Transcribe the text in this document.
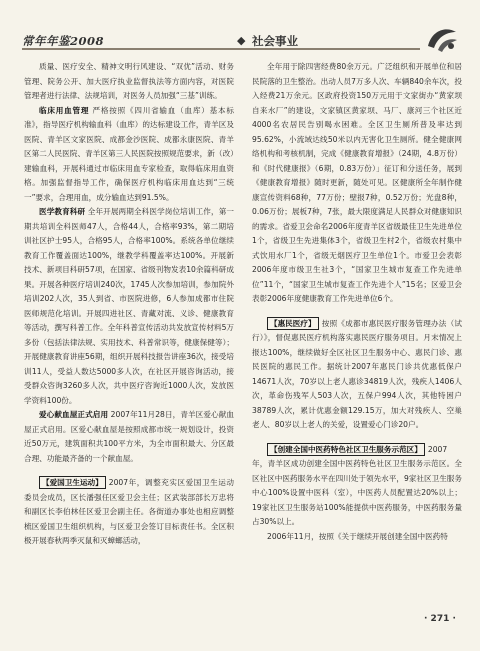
常年年鉴2008	◆ 社会事业

质量、医疗安全、精神文明行风建设、“双优”活动、财务管理、院务公开、加大医疗执业监督执法等方面内容，对医院管理者进行法律、法规培训，对医务人员加强“三基”训练。

临床用血管理 严格按照《四川省输血（血库）基本标准》，指导医疗机构输血科（血库）的达标建设工作，青羊区及医院、青羊区文家医院、成都金沙医院、成都永康医院、青羊区第二人民医院、青羊区第三人民医院按照规范要求，新（改）建输血科，开展科通过市临床用血专家检查，取得临床用血资格。加强监督指导工作，确保医疗机构临床用血达到“三统一”要求，合理用血，成分输血达到91.5%。

医学教育科研 全年开展两期全科医学岗位培训工作，第一期共培训全科医师47人，合格44人，合格率93%，第二期培训社区护士95人，合格95人，合格率100%。系统各单位继续教育工作覆盖面达100%，继教学科覆盖率达100%。开展新技术、新项目科研57项，在国家、省级刊物发表10余篇科研成果。开展各种医疗培训240次，1745人次参加培训，参加院外培训202人次，35人到省、市医院进修，6人参加成都市住院医师规范化培训。开展四进社区、青藏对流、义诊、健康教育等活动，撰写科普工作。全年科普宣传活动共发放宣传材料5万多份（包括法律法规、实用技术、科普常识等，健康保健等）；开展健康教育讲座56期，组织开展科技报告讲座36次，接受培训11人，受益人数达5000多人次，在社区开展咨询活动，接受群众咨询3260多人次，共中医疗咨询近1000人次，发放医学资料100份。

爱心献血屋正式启用 2007年11月28日，青羊区爱心献血屋正式启用。区爱心献血屋是按照成都市统一规划设计，投资近50万元，建筑面积共100平方米，为全市面积最大、分区最合理、功能最齐备的一个献血屋。

【爱国卫生运动】 2007年，调整充实区爱国卫生运动委员会成员，区长潘强任区爱卫会主任；区武装部部长万忠将和副区长李伯林任区爱卫会副主任。各街道办事处也相应调整梳区爱国卫生组织机构，与区爱卫会签订目标责任书。全区积极开展春秋两季灭鼠和灭蟑螂活动，

全年用于除四害经费80余万元。广泛组织和开展单位和居民院落的卫生整治。出动人员7万多人次、车辆840余车次，投入经费21万余元。区政府投资150万元用于文家街办“黄家坝自来水厂”的建设，文家镇区黄家坝、马厂、康河三个社区近4000名农居民告别喝水困难。全区卫生厕所普及率达到95.62%，小流域达线50米以内无害化卫生厕所。健全健康网络机构和考核机制，完成《健康教育增报》（24期，4.8万份）和《时代健康报》（6期，0.83万份）」征订和分送任务，展到《健康教育增报》随时更新，随处可见。区健康所全年制作健康宣传资料68种，77万份；壁报7种，0.52万份；光盘8种，0.06万份；展板7种，7张，最大限度满足人民群众对健康知识的需求。省爱卫会命名2006年度青羊区省级最佳卫生先进单位1个，省级卫生先进集体3个，省级卫生村2个，省级农村集中式饮用水厂1个，省级无烟医疗卫生单位1个。市爱卫会表彰2006年度市级卫生社3个，“国家卫生城市复查工作先进单位”11个，“国家卫生城市复查工作先进个人”15名；区爱卫会表彰2006年度健康教育工作先进单位6个。

【惠民医疗】 按照《成都市惠民医疗服务管理办法（试行）》，督促惠民医疗机构落实惠民医疗服务项目。月末情况上报达100%，继续做好全区社区卫生服务中心、惠民门诊、惠民医院的惠民工作。据统计2007年惠民门诊共优惠低保户14671人次，70岁以上老人惠诊34819人次，残疾人1406人次，革命伤残军人503人次，五保户994人次，其他特困户38789人次，累计优惠金额129.15万，加大对残疾人、空巢老人、80岁以上老人的关爱，设置爱心门诊20户。

【创建全国中医药特色社区卫生服务示范区】 2007年，青羊区成功创建全国中医药特色社区卫生服务示范区。全区社区中医药服务水平在四川处于领先水平，9家社区卫生服务中心100%设置中医科（室），中医药人员配置达20%以上；19家社区卫生服务站100%能提供中医药服务，中医药服务量占30%以上。

2006年11月，按照《关于继续开展创建全国中医药特

· 271 ·
